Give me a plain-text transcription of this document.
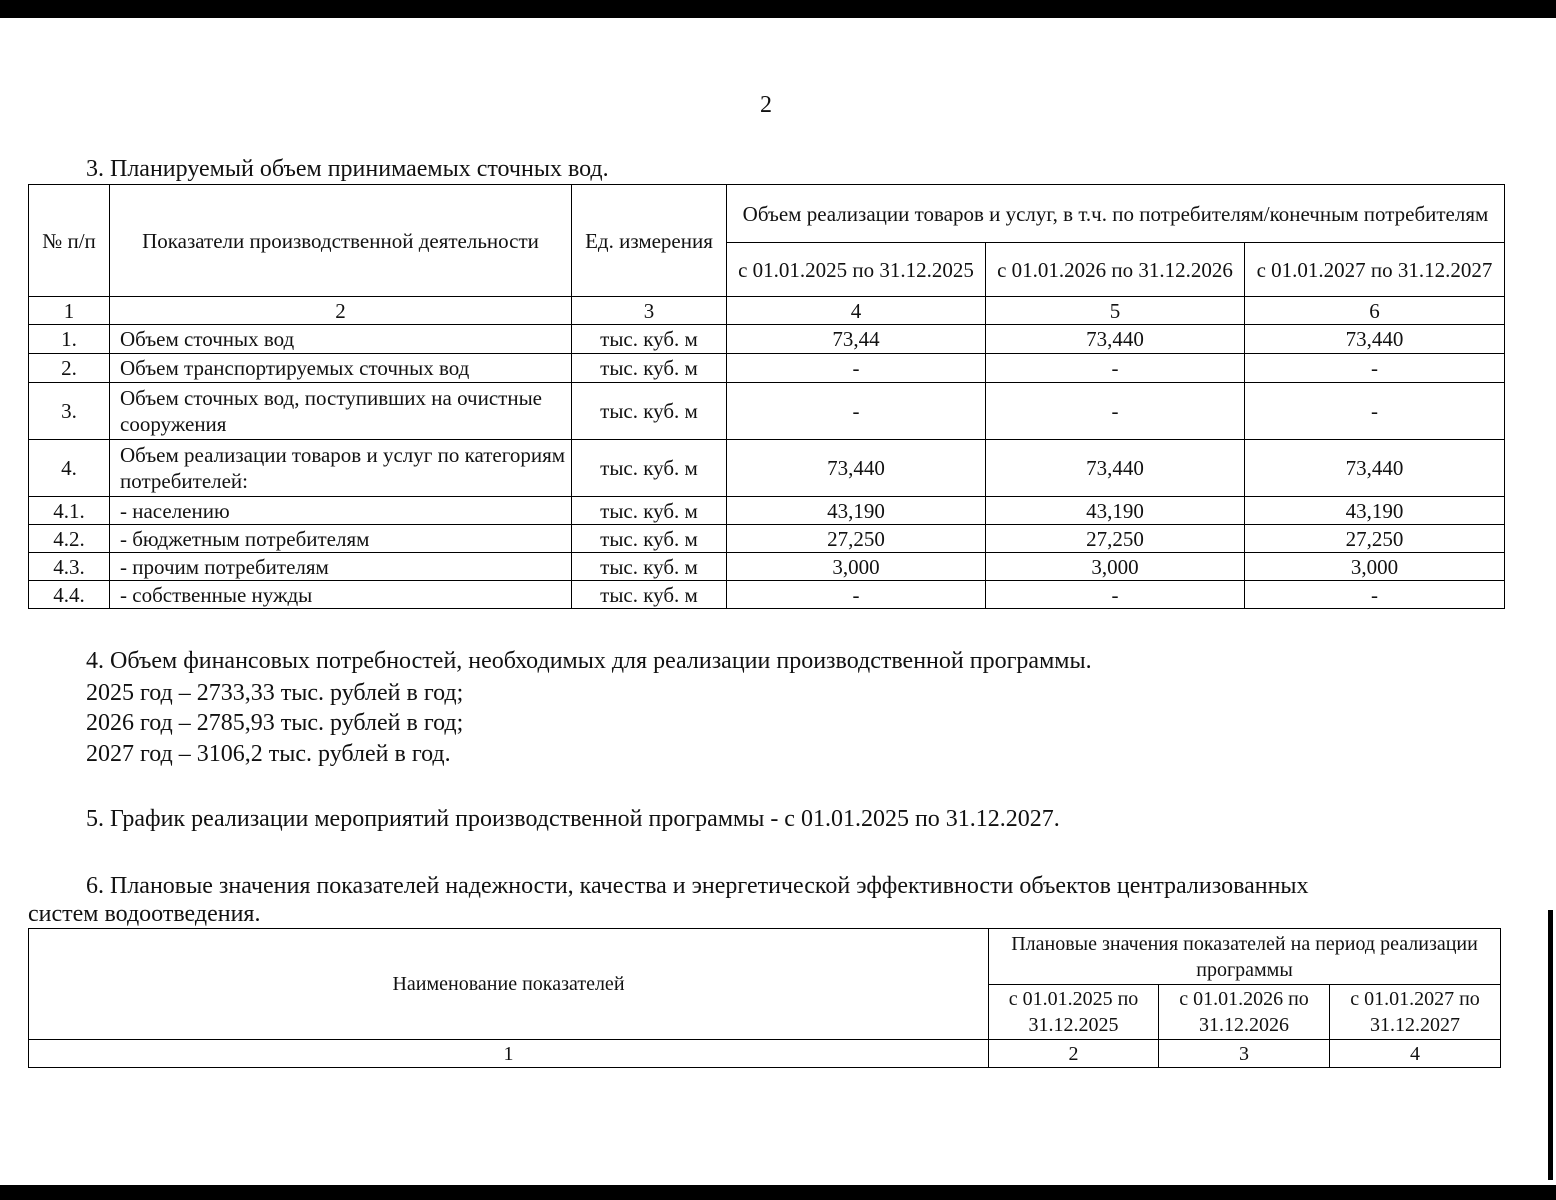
2
3. Планируемый объем принимаемых сточных вод.
№ п/п	Показатели производственной деятельности	Ед. измерения	Объем реализации товаров и услуг, в т.ч. по потребителям/конечным потребителям		
			с 01.01.2025 по 31.12.2025	с 01.01.2026 по 31.12.2026	с 01.01.2027 по 31.12.2027
1	2	3	4	5	6
1.	Объем сточных вод	тыс. куб. м	73,44	73,440	73,440
2.	Объем транспортируемых сточных вод	тыс. куб. м	-	-	-
3.	Объем сточных вод, поступивших на очистные сооружения	тыс. куб. м	-	-	-
4.	Объем реализации товаров и услуг по категориям потребителей:	тыс. куб. м	73,440	73,440	73,440
4.1.	- населению	тыс. куб. м	43,190	43,190	43,190
4.2.	- бюджетным потребителям	тыс. куб. м	27,250	27,250	27,250
4.3.	- прочим потребителям	тыс. куб. м	3,000	3,000	3,000
4.4.	- собственные нужды	тыс. куб. м	-	-	-
4. Объем финансовых потребностей, необходимых для реализации производственной программы.
2025 год – 2733,33 тыс. рублей в год;
2026 год – 2785,93 тыс. рублей в год;
2027 год – 3106,2 тыс. рублей в год.
5. График реализации мероприятий производственной программы - с 01.01.2025 по 31.12.2027.
6. Плановые значения показателей надежности, качества и энергетической эффективности объектов централизованных
систем водоотведения.
Наименование показателей	Плановые значения показателей на период реализации программы		
	с 01.01.2025 по 31.12.2025	с 01.01.2026 по 31.12.2026	с 01.01.2027 по 31.12.2027
1	2	3	4
